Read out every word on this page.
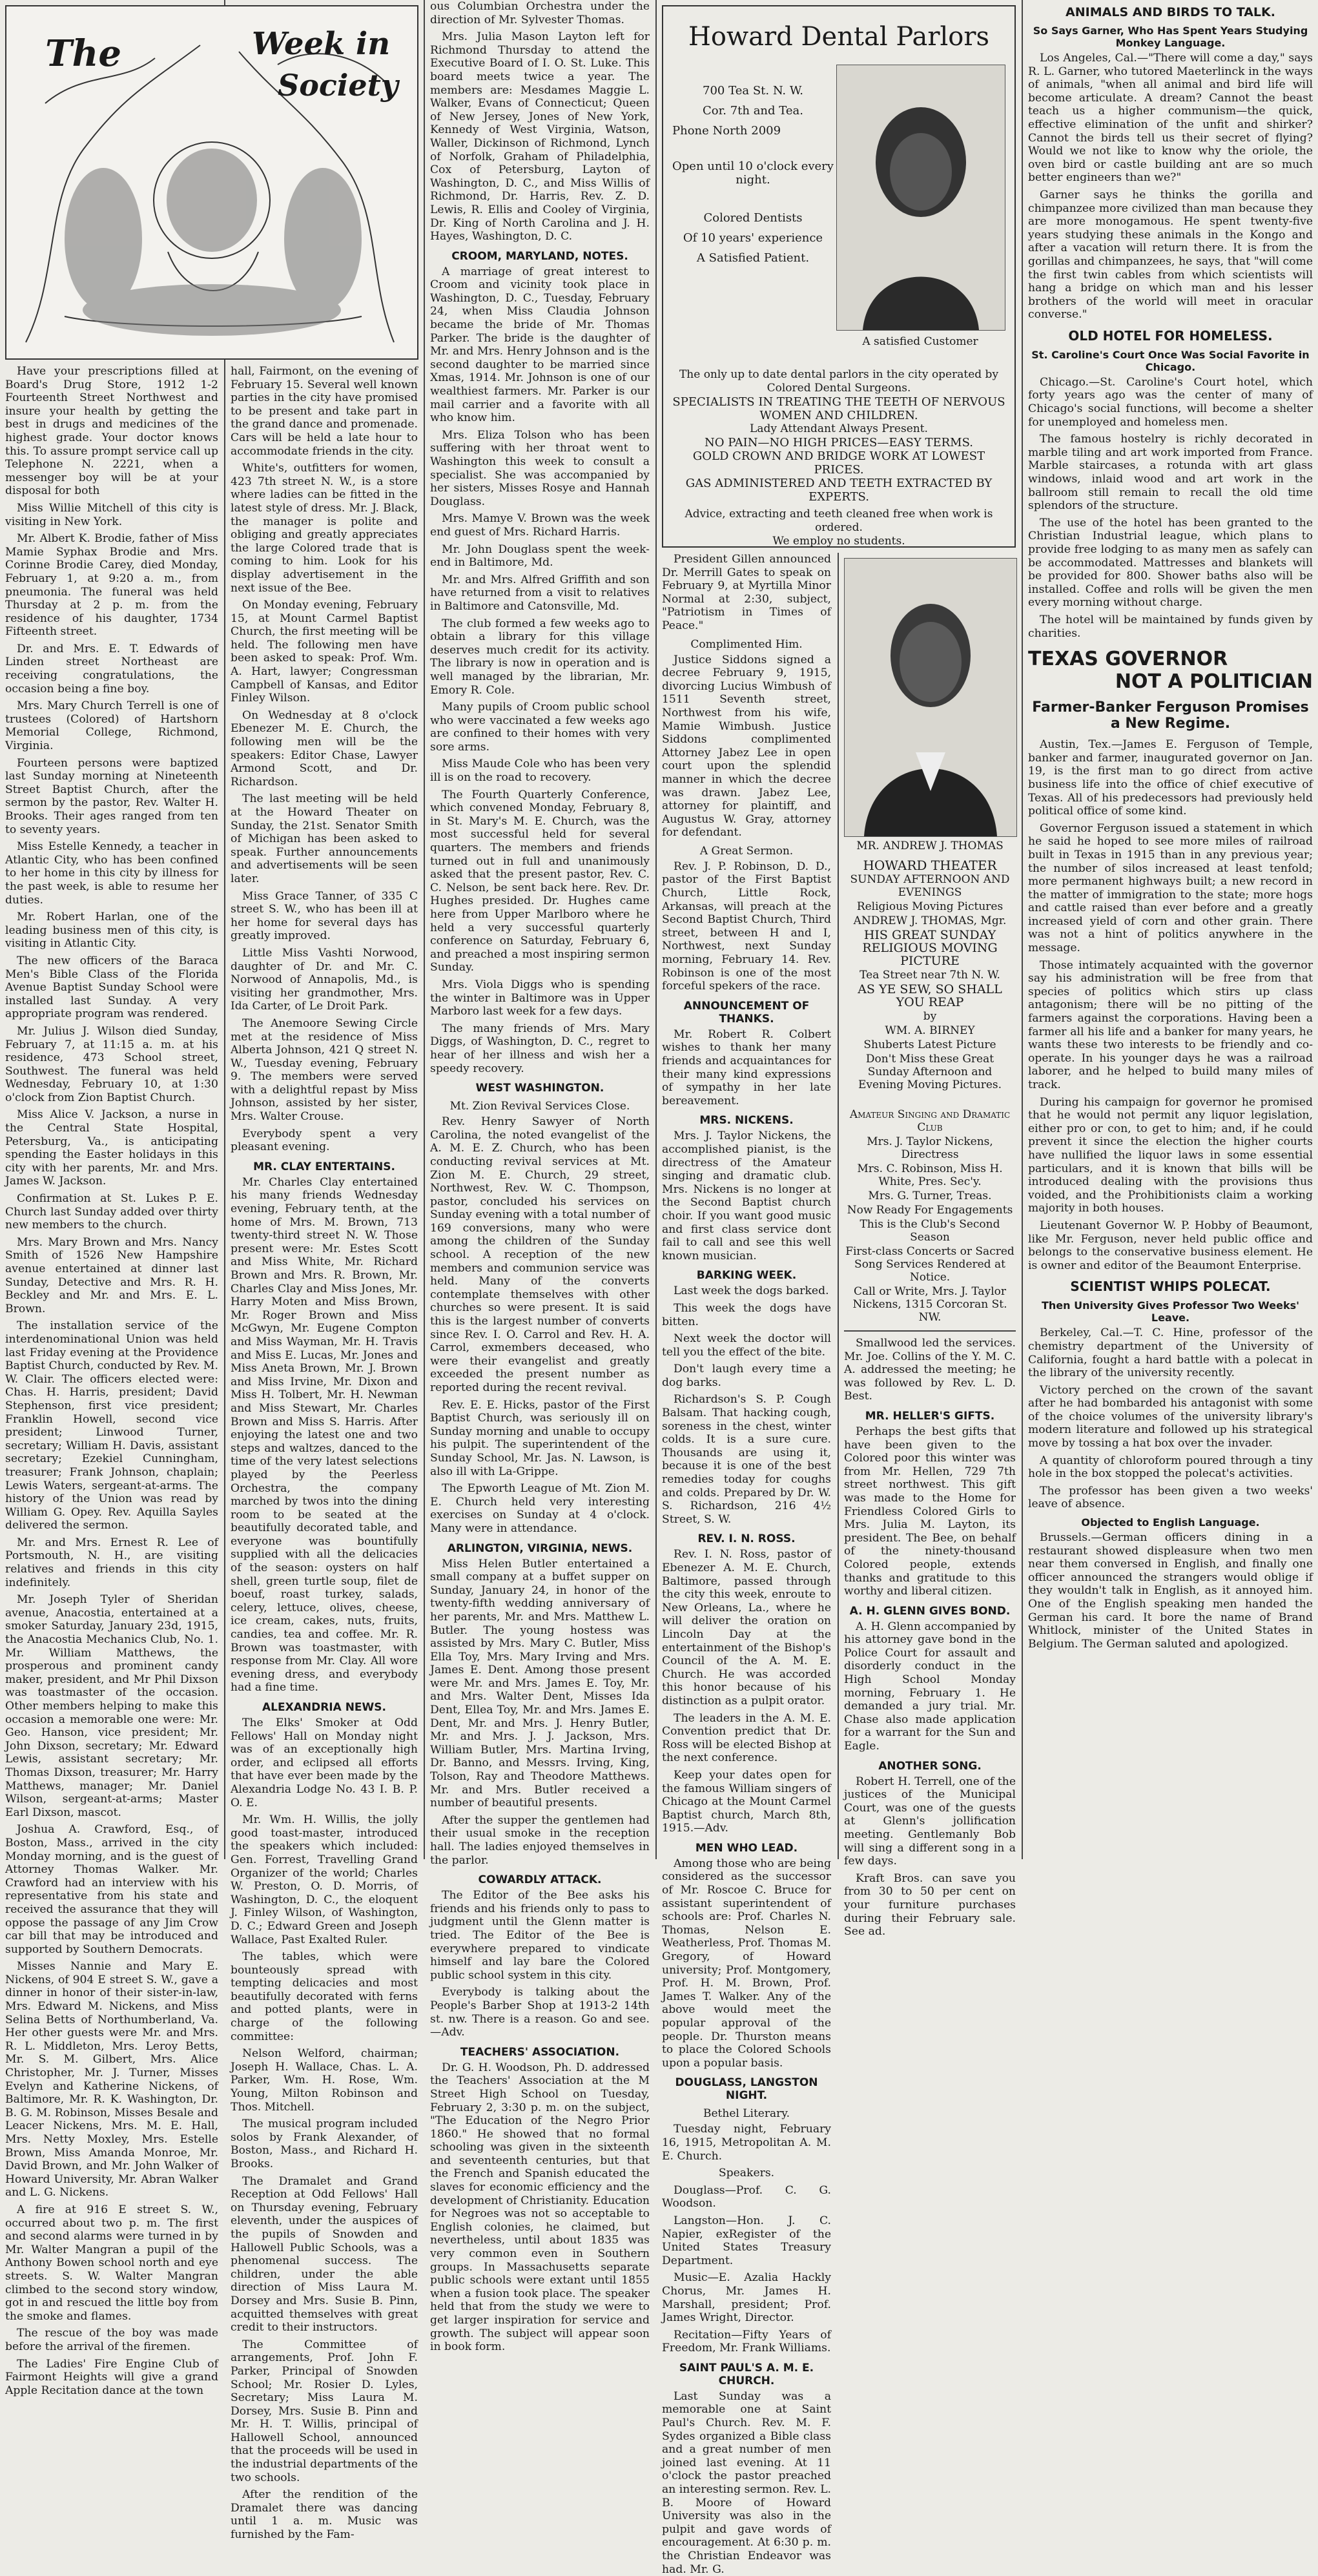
The	Week in
Society

Have your prescriptions filled at Board's Drug Store, 1912 1-2 Fourteenth Street Northwest and insure your health by getting the best in drugs and medicines of the highest grade. Your doctor knows this. To assure prompt service call up Telephone N. 2221, when a messenger boy will be at your disposal for both

Miss Willie Mitchell of this city is visiting in New York.

Mr. Albert K. Brodie, father of Miss Mamie Syphax Brodie and Mrs. Corinne Brodie Carey, died Monday, February 1, at 9:20 a. m., from pneumonia. The funeral was held Thursday at 2 p. m. from the residence of his daughter, 1734 Fifteenth street.

Dr. and Mrs. E. T. Edwards of Linden street Northeast are receiving congratulations, the occasion being a fine boy.

Mrs. Mary Church Terrell is one of trustees (Colored) of Hartshorn Memorial College, Richmond, Virginia.

Fourteen persons were baptized last Sunday morning at Nineteenth Street Baptist Church, after the sermon by the pastor, Rev. Walter H. Brooks. Their ages ranged from ten to seventy years.

Miss Estelle Kennedy, a teacher in Atlantic City, who has been confined to her home in this city by illness for the past week, is able to resume her duties.

Mr. Robert Harlan, one of the leading business men of this city, is visiting in Atlantic City.

The new officers of the Baraca Men's Bible Class of the Florida Avenue Baptist Sunday School were installed last Sunday. A very appropriate program was rendered.

Mr. Julius J. Wilson died Sunday, February 7, at 11:15 a. m. at his residence, 473 School street, Southwest. The funeral was held Wednesday, February 10, at 1:30 o'clock from Zion Baptist Church.

Miss Alice V. Jackson, a nurse in the Central State Hospital, Petersburg, Va., is anticipating spending the Easter holidays in this city with her parents, Mr. and Mrs. James W. Jackson.

Confirmation at St. Lukes P. E. Church last Sunday added over thirty new members to the church.

Mrs. Mary Brown and Mrs. Nancy Smith of 1526 New Hampshire avenue entertained at dinner last Sunday, Detective and Mrs. R. H. Beckley and Mr. and Mrs. E. L. Brown.

The installation service of the interdenominational Union was held last Friday evening at the Providence Baptist Church, conducted by Rev. M. W. Clair. The officers elected were: Chas. H. Harris, president; David Stephenson, first vice president; Franklin Howell, second vice president; Linwood Turner, secretary; William H. Davis, assistant secretary; Ezekiel Cunningham, treasurer; Frank Johnson, chaplain; Lewis Waters, sergeant-at-arms. The history of the Union was read by William G. Opey. Rev. Aquilla Sayles delivered the sermon.

Mr. and Mrs. Ernest R. Lee of Portsmouth, N. H., are visiting relatives and friends in this city indefinitely.

Mr. Joseph Tyler of Sheridan avenue, Anacostia, entertained at a smoker Saturday, January 23d, 1915, the Anacostia Mechanics Club, No. 1. Mr. William Matthews, the prosperous and prominent candy maker, president, and Mr Phil Dixson was toastmaster of the occasion. Other members helping to make this occasion a memorable one were: Mr. Geo. Hanson, vice president; Mr. John Dixson, secretary; Mr. Edward Lewis, assistant secretary; Mr. Thomas Dixson, treasurer; Mr. Harry Matthews, manager; Mr. Daniel Wilson, sergeant-at-arms; Master Earl Dixson, mascot.

Joshua A. Crawford, Esq., of Boston, Mass., arrived in the city Monday morning, and is the guest of Attorney Thomas Walker. Mr. Crawford had an interview with his representative from his state and received the assurance that they will oppose the passage of any Jim Crow car bill that may be introduced and supported by Southern Democrats.

Misses Nannie and Mary E. Nickens, of 904 E street S. W., gave a dinner in honor of their sister-in-law, Mrs. Edward M. Nickens, and Miss Selina Betts of Northumberland, Va. Her other guests were Mr. and Mrs. R. L. Middleton, Mrs. Leroy Betts, Mr. S. M. Gilbert, Mrs. Alice Christopher, Mr. J. Turner, Misses Evelyn and Katherine Nickens, of Baltimore, Mr. R. K. Washington, Dr. B. G. M. Robinson, Misses Besale and Leacer Nickens, Mrs. M. E. Hall, Mrs. Netty Moxley, Mrs. Estelle Brown, Miss Amanda Monroe, Mr. David Brown, and Mr. John Walker of Howard University, Mr. Abran Walker and L. G. Nickens.

A fire at 916 E street S. W., occurred about two p. m. The first and second alarms were turned in by Mr. Walter Mangran a pupil of the Anthony Bowen school north and eye streets. S. W. Walter Mangran climbed to the second story window, got in and rescued the little boy from the smoke and flames.

The rescue of the boy was made before the arrival of the firemen.

The Ladies' Fire Engine Club of Fairmont Heights will give a grand Apple Recitation dance at the town

hall, Fairmont, on the evening of February 15. Several well known parties in the city have promised to be present and take part in the grand dance and promenade. Cars will be held a late hour to accommodate friends in the city.

White's, outfitters for women, 423 7th street N. W., is a store where ladies can be fitted in the latest style of dress. Mr. J. Black, the manager is polite and obliging and greatly appreciates the large Colored trade that is coming to him. Look for his display advertisement in the next issue of the Bee.

On Monday evening, February 15, at Mount Carmel Baptist Church, the first meeting will be held. The following men have been asked to speak: Prof. Wm. A. Hart, lawyer; Congressman Campbell of Kansas, and Editor Finley Wilson.

On Wednesday at 8 o'clock Ebenezer M. E. Church, the following men will be the speakers: Editor Chase, Lawyer Armond Scott, and Dr. Richardson.

The last meeting will be held at the Howard Theater on Sunday, the 21st. Senator Smith of Michigan has been asked to speak. Further announcements and advertisements will be seen later.

Miss Grace Tanner, of 335 C street S. W., who has been ill at her home for several days has greatly improved.

Little Miss Vashti Norwood, daughter of Dr. and Mr. C. Norwood of Annapolis, Md., is visiting her grandmother, Mrs. Ida Carter, of Le Droit Park.

The Anemoore Sewing Circle met at the residence of Miss Alberta Johnson, 421 Q street N. W., Tuesday evening, February 9. The members were served with a delightful repast by Miss Johnson, assisted by her sister, Mrs. Walter Crouse.

Everybody spent a very pleasant evening.

MR. CLAY ENTERTAINS.

Mr. Charles Clay entertained his many friends Wednesday evening, February tenth, at the home of Mrs. M. Brown, 713 twenty-third street N. W. Those present were: Mr. Estes Scott and Miss White, Mr. Richard Brown and Mrs. R. Brown, Mr. Charles Clay and Miss Jones, Mr. Harry Moten and Miss Brown, Mr. Roger Brown and Miss McGwyn, Mr. Eugene Compton and Miss Wayman, Mr. H. Travis and Miss E. Lucas, Mr. Jones and Miss Aneta Brown, Mr. J. Brown and Miss Irvine, Mr. Dixon and Miss H. Tolbert, Mr. H. Newman and Miss Stewart, Mr. Charles Brown and Miss S. Harris. After enjoying the latest one and two steps and waltzes, danced to the time of the very latest selections played by the Peerless Orchestra, the company marched by twos into the dining room to be seated at the beautifully decorated table, and everyone was bountifully supplied with all the delicacies of the season: oysters on half shell, green turtle soup, filet de boeuf, roast turkey, salads, celery, lettuce, olives, cheese, ice cream, cakes, nuts, fruits, candies, tea and coffee. Mr. R. Brown was toastmaster, with response from Mr. Clay. All wore evening dress, and everybody had a fine time.

ALEXANDRIA NEWS.

The Elks' Smoker at Odd Fellows' Hall on Monday night was of an exceptionally high order, and eclipsed all efforts that have ever been made by the Alexandria Lodge No. 43 I. B. P. O. E.

Mr. Wm. H. Willis, the jolly good toast-master, introduced the speakers which included: Gen. Forrest, Travelling Grand Organizer of the world; Charles W. Preston, O. D. Morris, of Washington, D. C., the eloquent J. Finley Wilson, of Washington, D. C.; Edward Green and Joseph Wallace, Past Exalted Ruler.

The tables, which were bounteously spread with tempting delicacies and most beautifully decorated with ferns and potted plants, were in charge of the following committee:

Nelson Welford, chairman; Joseph H. Wallace, Chas. L. A. Parker, Wm. H. Rose, Wm. Young, Milton Robinson and Thos. Mitchell.

The musical program included solos by Frank Alexander, of Boston, Mass., and Richard H. Brooks.

The Dramalet and Grand Reception at Odd Fellows' Hall on Thursday evening, February eleventh, under the auspices of the pupils of Snowden and Hallowell Public Schools, was a phenomenal success. The children, under the able direction of Miss Laura M. Dorsey and Mrs. Susie B. Pinn, acquitted themselves with great credit to their instructors.

The Committee of arrangements, Prof. John F. Parker, Principal of Snowden School; Mr. Rosier D. Lyles, Secretary; Miss Laura M. Dorsey, Mrs. Susie B. Pinn and Mr. H. T. Willis, principal of Hallowell School, announced that the proceeds will be used in the industrial departments of the two schools.

After the rendition of the Dramalet there was dancing until 1 a. m. Music was furnished by the Fam-

ous Columbian Orchestra under the direction of Mr. Sylvester Thomas.

Mrs. Julia Mason Layton left for Richmond Thursday to attend the Executive Board of I. O. St. Luke. This board meets twice a year. The members are: Mesdames Maggie L. Walker, Evans of Connecticut; Queen of New Jersey, Jones of New York, Kennedy of West Virginia, Watson, Waller, Dickinson of Richmond, Lynch of Norfolk, Graham of Philadelphia, Cox of Petersburg, Layton of Washington, D. C., and Miss Willis of Richmond, Dr. Harris, Rev. Z. D. Lewis, R. Ellis and Cooley of Virginia, Dr. King of North Carolina and J. H. Hayes, Washington, D. C.

CROOM, MARYLAND, NOTES.

A marriage of great interest to Croom and vicinity took place in Washington, D. C., Tuesday, February 24, when Miss Claudia Johnson became the bride of Mr. Thomas Parker. The bride is the daughter of Mr. and Mrs. Henry Johnson and is the second daughter to be married since Xmas, 1914. Mr. Johnson is one of our wealthiest farmers. Mr. Parker is our mail carrier and a favorite with all who know him.

Mrs. Eliza Tolson who has been suffering with her throat went to Washington this week to consult a specialist. She was accompanied by her sisters, Misses Rosye and Hannah Douglass.

Mrs. Mamye V. Brown was the week end guest of Mrs. Richard Harris.

Mr. John Douglass spent the week-end in Baltimore, Md.

Mr. and Mrs. Alfred Griffith and son have returned from a visit to relatives in Baltimore and Catonsville, Md.

The club formed a few weeks ago to obtain a library for this village deserves much credit for its activity. The library is now in operation and is well managed by the librarian, Mr. Emory R. Cole.

Many pupils of Croom public school who were vaccinated a few weeks ago are confined to their homes with very sore arms.

Miss Maude Cole who has been very ill is on the road to recovery.

The Fourth Quarterly Conference, which convened Monday, February 8, in St. Mary's M. E. Church, was the most successful held for several quarters. The members and friends turned out in full and unanimously asked that the present pastor, Rev. C. C. Nelson, be sent back here. Rev. Dr. Hughes presided. Dr. Hughes came here from Upper Marlboro where he held a very successful quarterly conference on Saturday, February 6, and preached a most inspiring sermon Sunday.

Mrs. Viola Diggs who is spending the winter in Baltimore was in Upper Marboro last week for a few days.

The many friends of Mrs. Mary Diggs, of Washington, D. C., regret to hear of her illness and wish her a speedy recovery.

WEST WASHINGTON.
Mt. Zion Revival Services Close.

Rev. Henry Sawyer of North Carolina, the noted evangelist of the A. M. E. Z. Church, who has been conducting revival services at Mt. Zion M. E. Church, 29 street, Northwest, Rev. W. C. Thompson, pastor, concluded his services on Sunday evening with a total number of 169 conversions, many who were among the children of the Sunday school. A reception of the new members and communion service was held. Many of the converts contemplate themselves with other churches so were present. It is said this is the largest number of converts since Rev. I. O. Carrol and Rev. H. A. Carrol, exmembers deceased, who were their evangelist and greatly exceeded the present number as reported during the recent revival.

Rev. E. E. Hicks, pastor of the First Baptist Church, was seriously ill on Sunday morning and unable to occupy his pulpit. The superintendent of the Sunday School, Mr. Jas. N. Lawson, is also ill with La-Grippe.

The Epworth League of Mt. Zion M. E. Church held very interesting exercises on Sunday at 4 o'clock. Many were in attendance.

ARLINGTON, VIRGINIA, NEWS.

Miss Helen Butler entertained a small company at a buffet supper on Sunday, January 24, in honor of the twenty-fifth wedding anniversary of her parents, Mr. and Mrs. Matthew L. Butler. The young hostess was assisted by Mrs. Mary C. Butler, Miss Ella Toy, Mrs. Mary Irving and Mrs. James E. Dent. Among those present were Mr. and Mrs. James E. Toy, Mr. and Mrs. Walter Dent, Misses Ida Dent, Ellea Toy, Mr. and Mrs. James E. Dent, Mr. and Mrs. J. Henry Butler, Mr. and Mrs. J. J. Jackson, Mrs. William Butler, Mrs. Martina Irving, Dr. Banno, and Messrs. Irving, King, Tolson, Ray and Theodore Matthews. Mr. and Mrs. Butler received a number of beautiful presents.

After the supper the gentlemen had their usual smoke in the reception hall. The ladies enjoyed themselves in the parlor.

COWARDLY ATTACK.

The Editor of the Bee asks his friends and his friends only to pass to judgment until the Glenn matter is tried. The Editor of the Bee is everywhere prepared to vindicate himself and lay bare the Colored public school system in this city.

Everybody is talking about the People's Barber Shop at 1913-2 14th st. nw. There is a reason. Go and see.—Adv.

TEACHERS' ASSOCIATION.

Dr. G. H. Woodson, Ph. D. addressed the Teachers' Association at the M Street High School on Tuesday, February 2, 3:30 p. m. on the subject, "The Education of the Negro Prior 1860." He showed that no formal schooling was given in the sixteenth and seventeenth centuries, but that the French and Spanish educated the slaves for economic efficiency and the development of Christianity. Education for Negroes was not so acceptable to English colonies, he claimed, but nevertheless, until about 1835 was very common even in Southern groups. In Massachusetts separate public schools were extant until 1855 when a fusion took place. The speaker held that from the study we were to get larger inspiration for service and growth. The subject will appear soon in book form.

Howard Dental Parlors
700 Tea St. N. W.
Cor. 7th and Tea.
Phone North 2009
Open until 10 o'clock every night.
Colored Dentists
Of 10 years' experience
A Satisfied Patient.
A satisfied Customer
The only up to date dental parlors in the city operated by Colored Dental Surgeons.
SPECIALISTS IN TREATING THE TEETH OF NERVOUS WOMEN AND CHILDREN.
Lady Attendant Always Present.
NO PAIN—NO HIGH PRICES—EASY TERMS.
GOLD CROWN AND BRIDGE WORK AT LOWEST PRICES.
GAS ADMINISTERED AND TEETH EXTRACTED BY EXPERTS.
Advice, extracting and teeth cleaned free when work is ordered.
We employ no students.

President Gillen announced Dr. Merrill Gates to speak on February 9, at Myrtilla Minor Normal at 2:30, subject, "Patriotism in Times of Peace."

Complimented Him.

Justice Siddons signed a decree February 9, 1915, divorcing Lucius Wimbush of 1511 Seventh street, Northwest from his wife, Mamie Wimbush. Justice Siddons complimented Attorney Jabez Lee in open court upon the splendid manner in which the decree was drawn. Jabez Lee, attorney for plaintiff, and Augustus W. Gray, attorney for defendant.

A Great Sermon.

Rev. J. P. Robinson, D. D., pastor of the First Baptist Church, Little Rock, Arkansas, will preach at the Second Baptist Church, Third street, between H and I, Northwest, next Sunday morning, February 14. Rev. Robinson is one of the most forceful spekers of the race.

ANNOUNCEMENT OF THANKS.

Mr. Robert R. Colbert wishes to thank her many friends and acquaintances for their many kind expressions of sympathy in her late bereavement.

MRS. NICKENS.

Mrs. J. Taylor Nickens, the accomplished pianist, is the directress of the Amateur singing and dramatic club. Mrs. Nickens is no longer at the Second Baptist church choir. If you want good music and first class service dont fail to call and see this well known musician.

BARKING WEEK.

Last week the dogs barked.

This week the dogs have bitten.

Next week the doctor will tell you the effect of the bite.

Don't laugh every time a dog barks.

Richardson's S. P. Cough Balsam. That hacking cough, soreness in the chest, winter colds. It is a sure cure. Thousands are using it, because it is one of the best remedies today for coughs and colds. Prepared by Dr. W. S. Richardson, 216 4½ Street, S. W.

REV. I. N. ROSS.

Rev. I. N. Ross, pastor of Ebenezer A. M. E. Church, Baltimore, passed through the city this week, enroute to New Orleans, La., where he will deliver the oration on Lincoln Day at the entertainment of the Bishop's Council of the A. M. E. Church. He was accorded this honor because of his distinction as a pulpit orator.

The leaders in the A. M. E. Convention predict that Dr. Ross will be elected Bishop at the next conference.

Keep your dates open for the famous William singers of Chicago at the Mount Carmel Baptist church, March 8th, 1915.—Adv.

MEN WHO LEAD.

Among those who are being considered as the successor of Mr. Roscoe C. Bruce for assistant superintendent of schools are: Prof. Charles N. Thomas, Nelson E. Weatherless, Prof. Thomas M. Gregory, of Howard university; Prof. Montgomery, Prof. H. M. Brown, Prof. James T. Walker. Any of the above would meet the popular approval of the people. Dr. Thurston means to place the Colored Schools upon a popular basis.

DOUGLASS, LANGSTON NIGHT.
Bethel Literary.

Tuesday night, February 16, 1915, Metropolitan A. M. E. Church.

Speakers.

Douglass—Prof. C. G. Woodson.

Langston—Hon. J. C. Napier, exRegister of the United States Treasury Department.

Music—E. Azalia Hackly Chorus, Mr. James H. Marshall, president; Prof. James Wright, Director.

Recitation—Fifty Years of Freedom, Mr. Frank Williams.

SAINT PAUL'S A. M. E. CHURCH.

Last Sunday was a memorable one at Saint Paul's Church. Rev. M. F. Sydes organized a Bible class and a great number of men joined last evening. At 11 o'clock the pastor preached an interesting sermon. Rev. L. B. Moore of Howard University was also in the pulpit and gave words of encouragement. At 6:30 p. m. the Christian Endeavor was had. Mr. G.

MR. ANDREW J. THOMAS

HOWARD THEATER

SUNDAY AFTERNOON AND EVENINGS

Religious Moving Pictures

ANDREW J. THOMAS, Mgr.

HIS GREAT SUNDAY RELIGIOUS MOVING PICTURE

Tea Street near 7th N. W.

AS YE SEW, SO SHALL YOU REAP

by

WM. A. BIRNEY

Shuberts Latest Picture

Don't Miss these Great Sunday Afternoon and Evening Moving Pictures.

Amateur Singing and Dramatic Club

Mrs. J. Taylor Nickens, Directress

Mrs. C. Robinson, Miss H. White, Pres. Sec'y.

Mrs. G. Turner, Treas.

Now Ready For Engagements

This is the Club's Second Season

First-class Concerts or Sacred Song Services Rendered at Notice.

Call or Write, Mrs. J. Taylor Nickens, 1315 Corcoran St. NW.

Smallwood led the services. Mr. Joe. Collins of the Y. M. C. A. addressed the meeting; he was followed by Rev. L. D. Best.

MR. HELLER'S GIFTS.

Perhaps the best gifts that have been given to the Colored poor this winter was from Mr. Hellen, 729 7th street northwest. This gift was made to the Home for Friendless Colored Girls to Mrs. Julia M. Layton, its president. The Bee, on behalf of the ninety-thousand Colored people, extends thanks and gratitude to this worthy and liberal citizen.

A. H. GLENN GIVES BOND.

A. H. Glenn accompanied by his attorney gave bond in the Police Court for assault and disorderly conduct in the High School Monday morning, February 1. He demanded a jury trial. Mr. Chase also made application for a warrant for the Sun and Eagle.

ANOTHER SONG.

Robert H. Terrell, one of the justices of the Municipal Court, was one of the guests at Glenn's jollification meeting. Gentlemanly Bob will sing a different song in a few days.

Kraft Bros. can save you from 30 to 50 per cent on your furniture purchases during their February sale. See ad.

ANIMALS AND BIRDS TO TALK.
So Says Garner, Who Has Spent Years Studying Monkey Language.

Los Angeles, Cal.—"There will come a day," says R. L. Garner, who tutored Maeterlinck in the ways of animals, "when all animal and bird life will become articulate. A dream? Cannot the beast teach us a higher communism—the quick, effective elimination of the unfit and shirker? Cannot the birds tell us their secret of flying? Would we not like to know why the oriole, the oven bird or castle building ant are so much better engineers than we?"

Garner says he thinks the gorilla and chimpanzee more civilized than man because they are more monogamous. He spent twenty-five years studying these animals in the Kongo and after a vacation will return there. It is from the gorillas and chimpanzees, he says, that "will come the first twin cables from which scientists will hang a bridge on which man and his lesser brothers of the world will meet in oracular converse."

OLD HOTEL FOR HOMELESS.
St. Caroline's Court Once Was Social Favorite in Chicago.

Chicago.—St. Caroline's Court hotel, which forty years ago was the center of many of Chicago's social functions, will become a shelter for unemployed and homeless men.

The famous hostelry is richly decorated in marble tiling and art work imported from France. Marble staircases, a rotunda with art glass windows, inlaid wood and art work in the ballroom still remain to recall the old time splendors of the structure.

The use of the hotel has been granted to the Christian Industrial league, which plans to provide free lodging to as many men as safely can be accommodated. Mattresses and blankets will be provided for 800. Shower baths also will be installed. Coffee and rolls will be given the men every morning without charge.

The hotel will be maintained by funds given by charities.

TEXAS GOVERNOR
NOT A POLITICIAN
Farmer-Banker Ferguson Promises a New Regime.

Austin, Tex.—James E. Ferguson of Temple, banker and farmer, inaugurated governor on Jan. 19, is the first man to go direct from active business life into the office of chief executive of Texas. All of his predecessors had previously held political office of some kind.

Governor Ferguson issued a statement in which he said he hoped to see more miles of railroad built in Texas in 1915 than in any previous year; the number of silos increased at least tenfold; more permanent highways built; a new record in the matter of immigration to the state; more hogs and cattle raised than ever before and a greatly increased yield of corn and other grain. There was not a hint of politics anywhere in the message.

Those intimately acquainted with the governor say his administration will be free from that species of politics which stirs up class antagonism; there will be no pitting of the farmers against the corporations. Having been a farmer all his life and a banker for many years, he wants these two interests to be friendly and co-operate. In his younger days he was a railroad laborer, and he helped to build many miles of track.

During his campaign for governor he promised that he would not permit any liquor legislation, either pro or con, to get to him; and, if he could prevent it since the election the higher courts have nullified the liquor laws in some essential particulars, and it is known that bills will be introduced dealing with the provisions thus voided, and the Prohibitionists claim a working majority in both houses.

Lieutenant Governor W. P. Hobby of Beaumont, like Mr. Ferguson, never held public office and belongs to the conservative business element. He is owner and editor of the Beaumont Enterprise.

SCIENTIST WHIPS POLECAT.
Then University Gives Professor Two Weeks' Leave.

Berkeley, Cal.—T. C. Hine, professor of the chemistry department of the University of California, fought a hard battle with a polecat in the library of the university recently.

Victory perched on the crown of the savant after he had bombarded his antagonist with some of the choice volumes of the university library's modern literature and followed up his strategical move by tossing a hat box over the invader.

A quantity of chloroform poured through a tiny hole in the box stopped the polecat's activities.

The professor has been given a two weeks' leave of absence.

Objected to English Language.

Brussels.—German officers dining in a restaurant showed displeasure when two men near them conversed in English, and finally one officer announced the strangers would oblige if they wouldn't talk in English, as it annoyed him. One of the English speaking men handed the German his card. It bore the name of Brand Whitlock, minister of the United States in Belgium. The German saluted and apologized.
